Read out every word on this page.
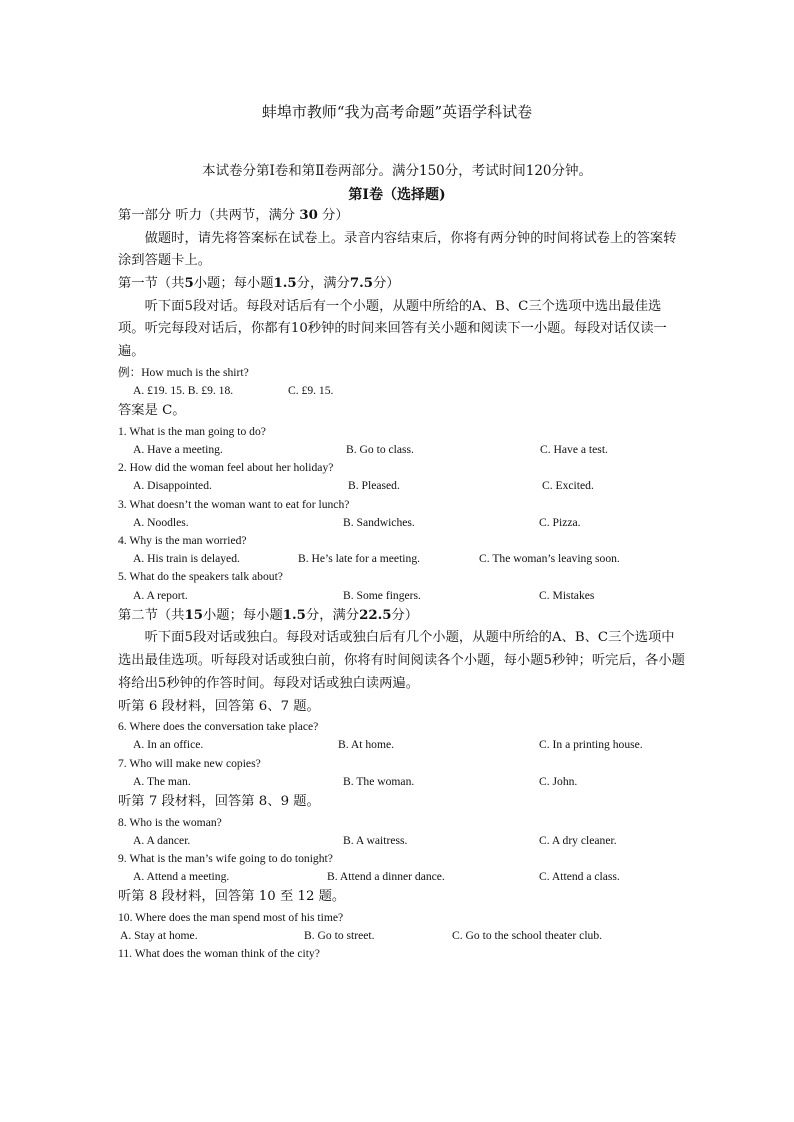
蚌埠市教师“我为高考命题”英语学科试卷
本试卷分第Ⅰ卷和第Ⅱ卷两部分。满分150分，考试时间120分钟。
第Ⅰ卷（选择题)
第一部分 听力（共两节，满分 30 分）
做题时，请先将答案标在试卷上。录音内容结束后，你将有两分钟的时间将试卷上的答案转涂到答题卡上。
第一节（共5小题；每小题1.5分，满分7.5分）
听下面5段对话。每段对话后有一个小题，从题中所给的A、B、C三个选项中选出最佳选项。听完每段对话后，你都有10秒钟的时间来回答有关小题和阅读下一小题。每段对话仅读一遍。
例：How much is the shirt?
A. £19. 15. B. £9. 18.	C. £9. 15.
答案是 C。
1. What is the man going to do?
A. Have a meeting.	B. Go to class.	C. Have a test.
2. How did the woman feel about her holiday?
A. Disappointed.	B. Pleased.	C. Excited.
3. What doesn’t the woman want to eat for lunch?
A. Noodles.	B. Sandwiches.	C. Pizza.
4. Why is the man worried?
A. His train is delayed.	B. He’s late for a meeting.	C. The woman’s leaving soon.
5. What do the speakers talk about?
A. A report.	B. Some fingers.	C. Mistakes
第二节（共15小题；每小题1.5分，满分22.5分）
听下面5段对话或独白。每段对话或独白后有几个小题，从题中所给的A、B、C三个选项中选出最佳选项。听每段对话或独白前，你将有时间阅读各个小题，每小题5秒钟；听完后，各小题将给出5秒钟的作答时间。每段对话或独白读两遍。
听第 6 段材料，回答第 6、7 题。
6. Where does the conversation take place?
A. In an office.	B. At home.	C. In a printing house.
7. Who will make new copies?
A. The man.	B. The woman.	C. John.
听第 7 段材料，回答第 8、9 题。
8. Who is the woman?
A. A dancer.	B. A waitress.	C. A dry cleaner.
9. What is the man’s wife going to do tonight?
A. Attend a meeting.	B. Attend a dinner dance.	C. Attend a class.
听第 8 段材料，回答第 10 至 12 题。
10. Where does the man spend most of his time?
A. Stay at home.	B. Go to street.	C. Go to the school theater club.
11. What does the woman think of the city?
